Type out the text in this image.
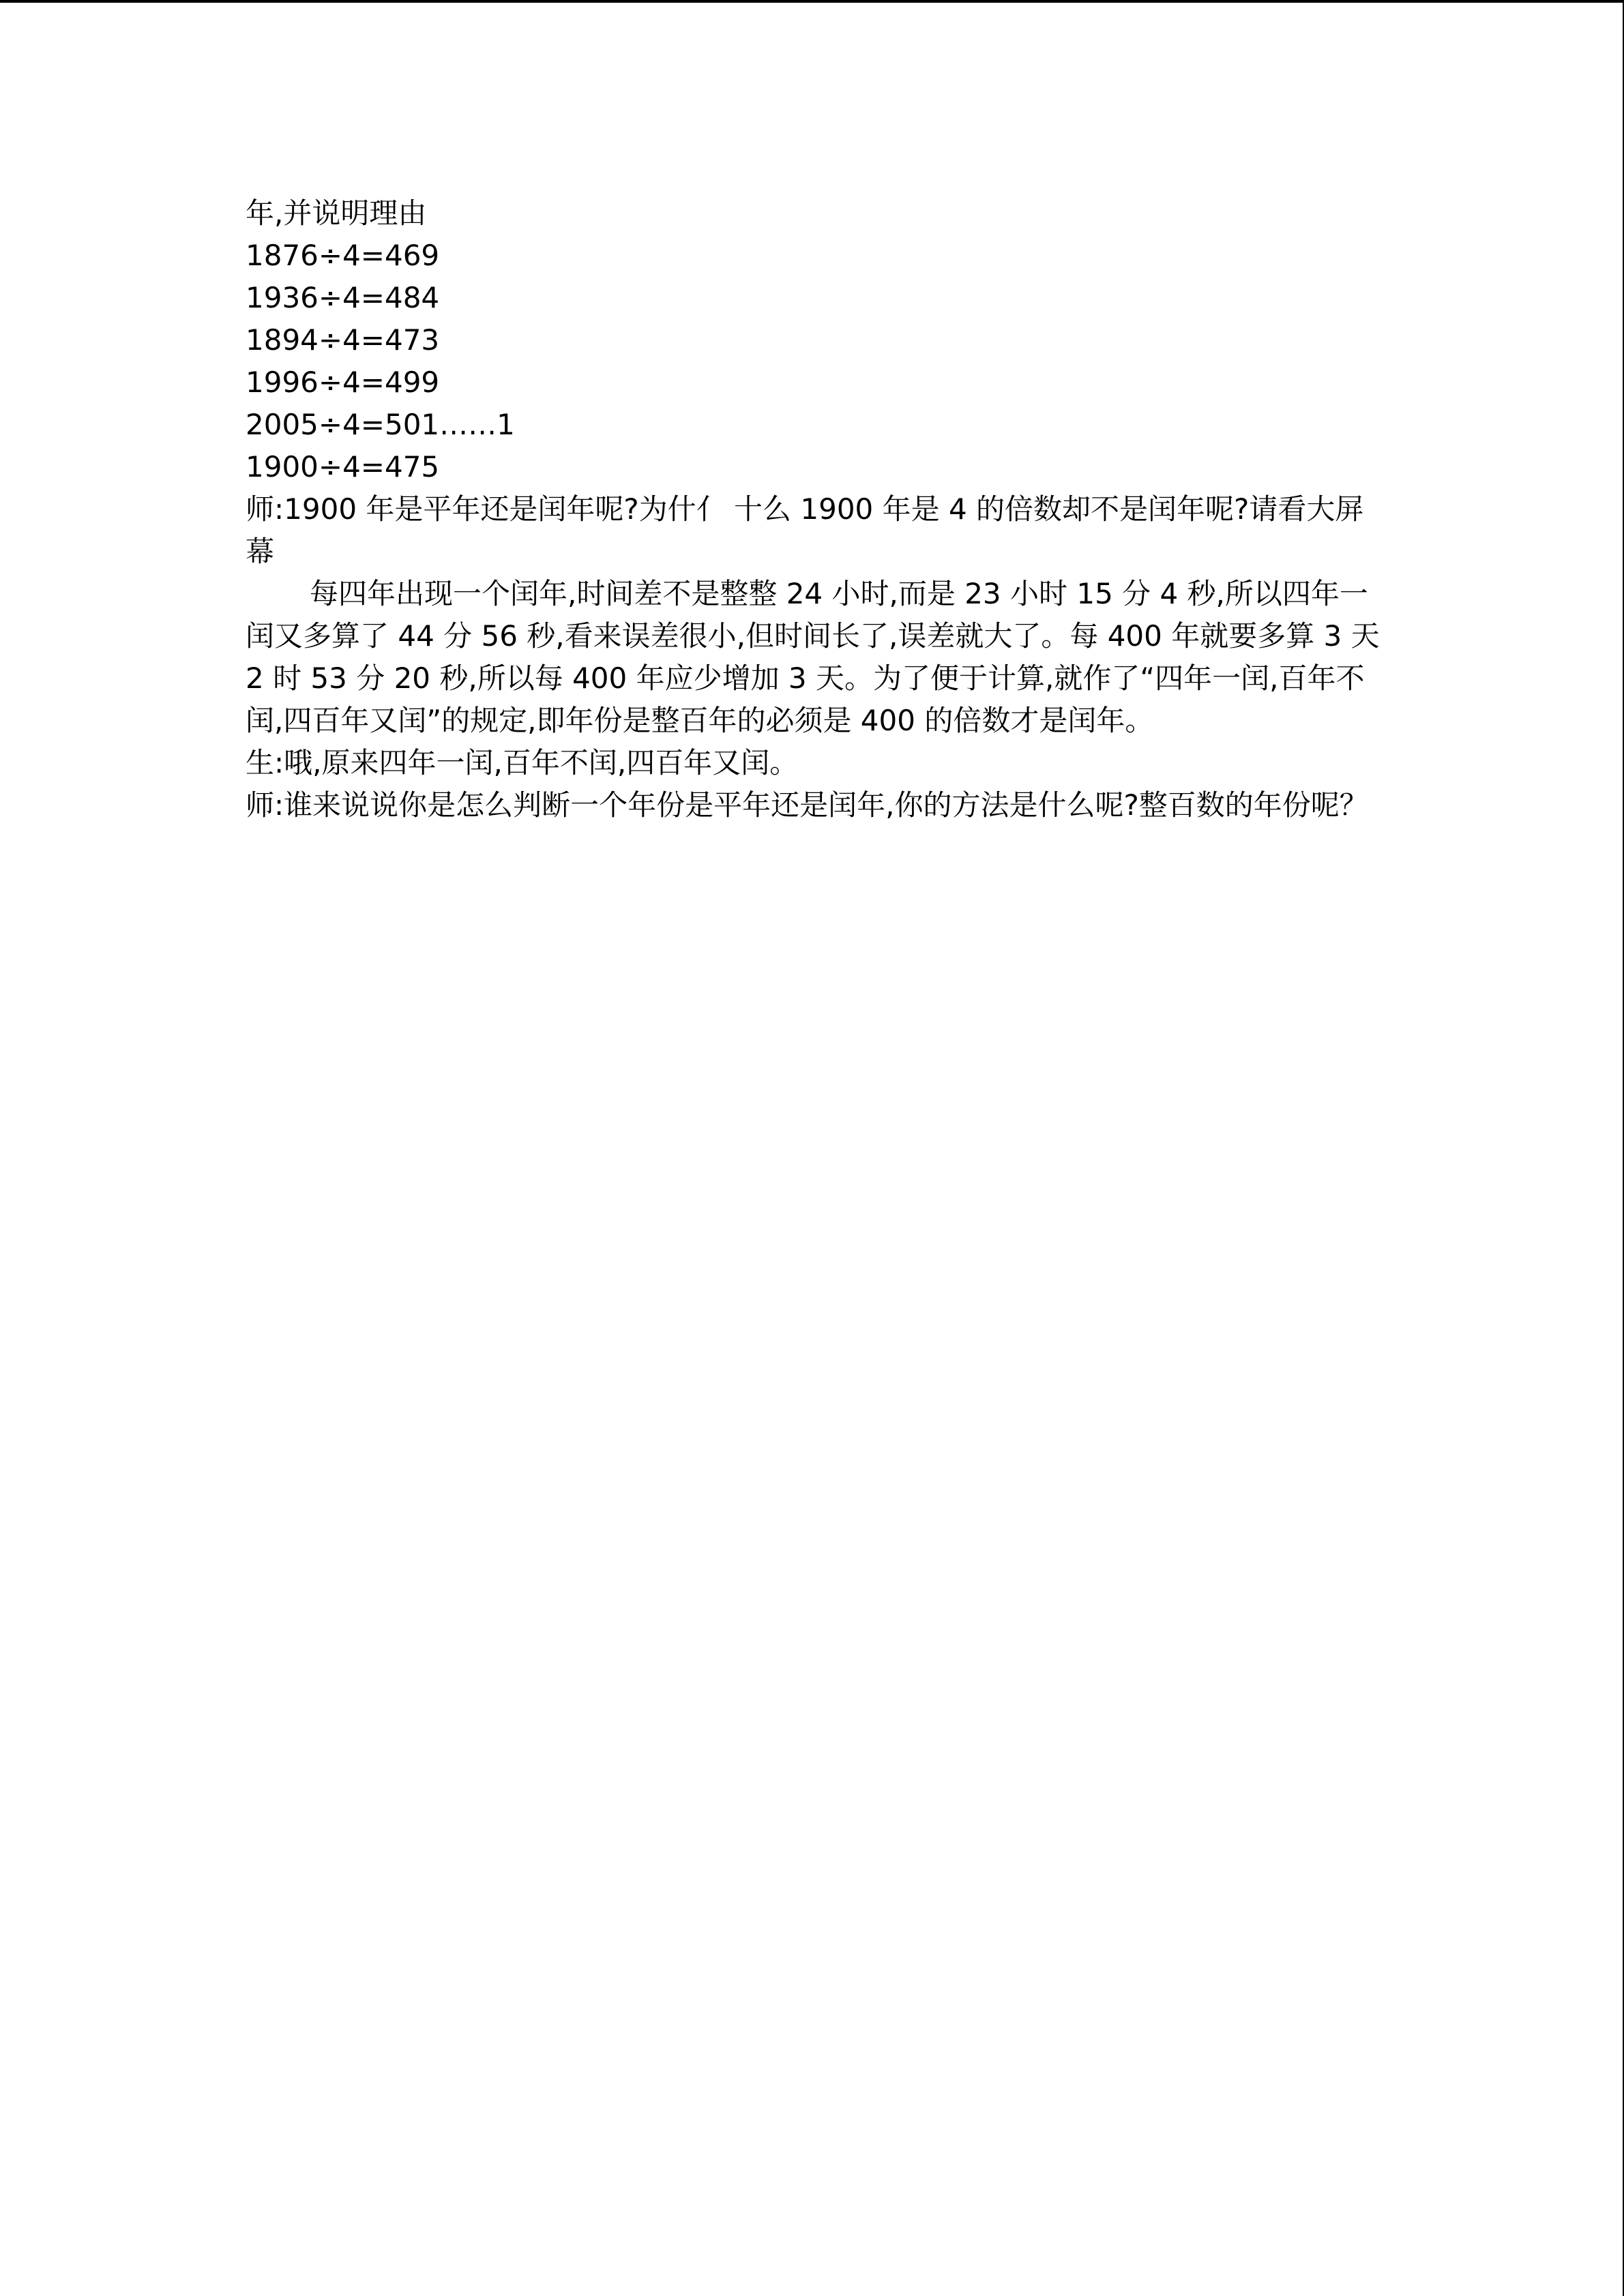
年,并说明理由

1876÷4=469

1936÷4=484

1894÷4=473

1996÷4=499

2005÷4=501……1

1900÷4=475

师:1900 年是平年还是闰年呢?为什亻 十么 1900 年是 4 的倍数却不是闰年呢?请看大屏幕

每四年出现一个闰年,时间差不是整整 24 小时,而是 23 小时 15 分 4 秒,所以四年一闰又多算了 44 分 56 秒,看来误差很小,但时间长了,误差就大了。每 400 年就要多算 3 天 2 时 53 分 20 秒,所以每 400 年应少增加 3 天。为了便于计算,就作了“四年一闰,百年不闰,四百年又闰”的规定,即年份是整百年的必须是 400 的倍数才是闰年。

生:哦,原来四年一闰,百年不闰,四百年又闰。

师:谁来说说你是怎么判断一个年份是平年还是闰年,你的方法是什么呢?整百数的年份呢？
